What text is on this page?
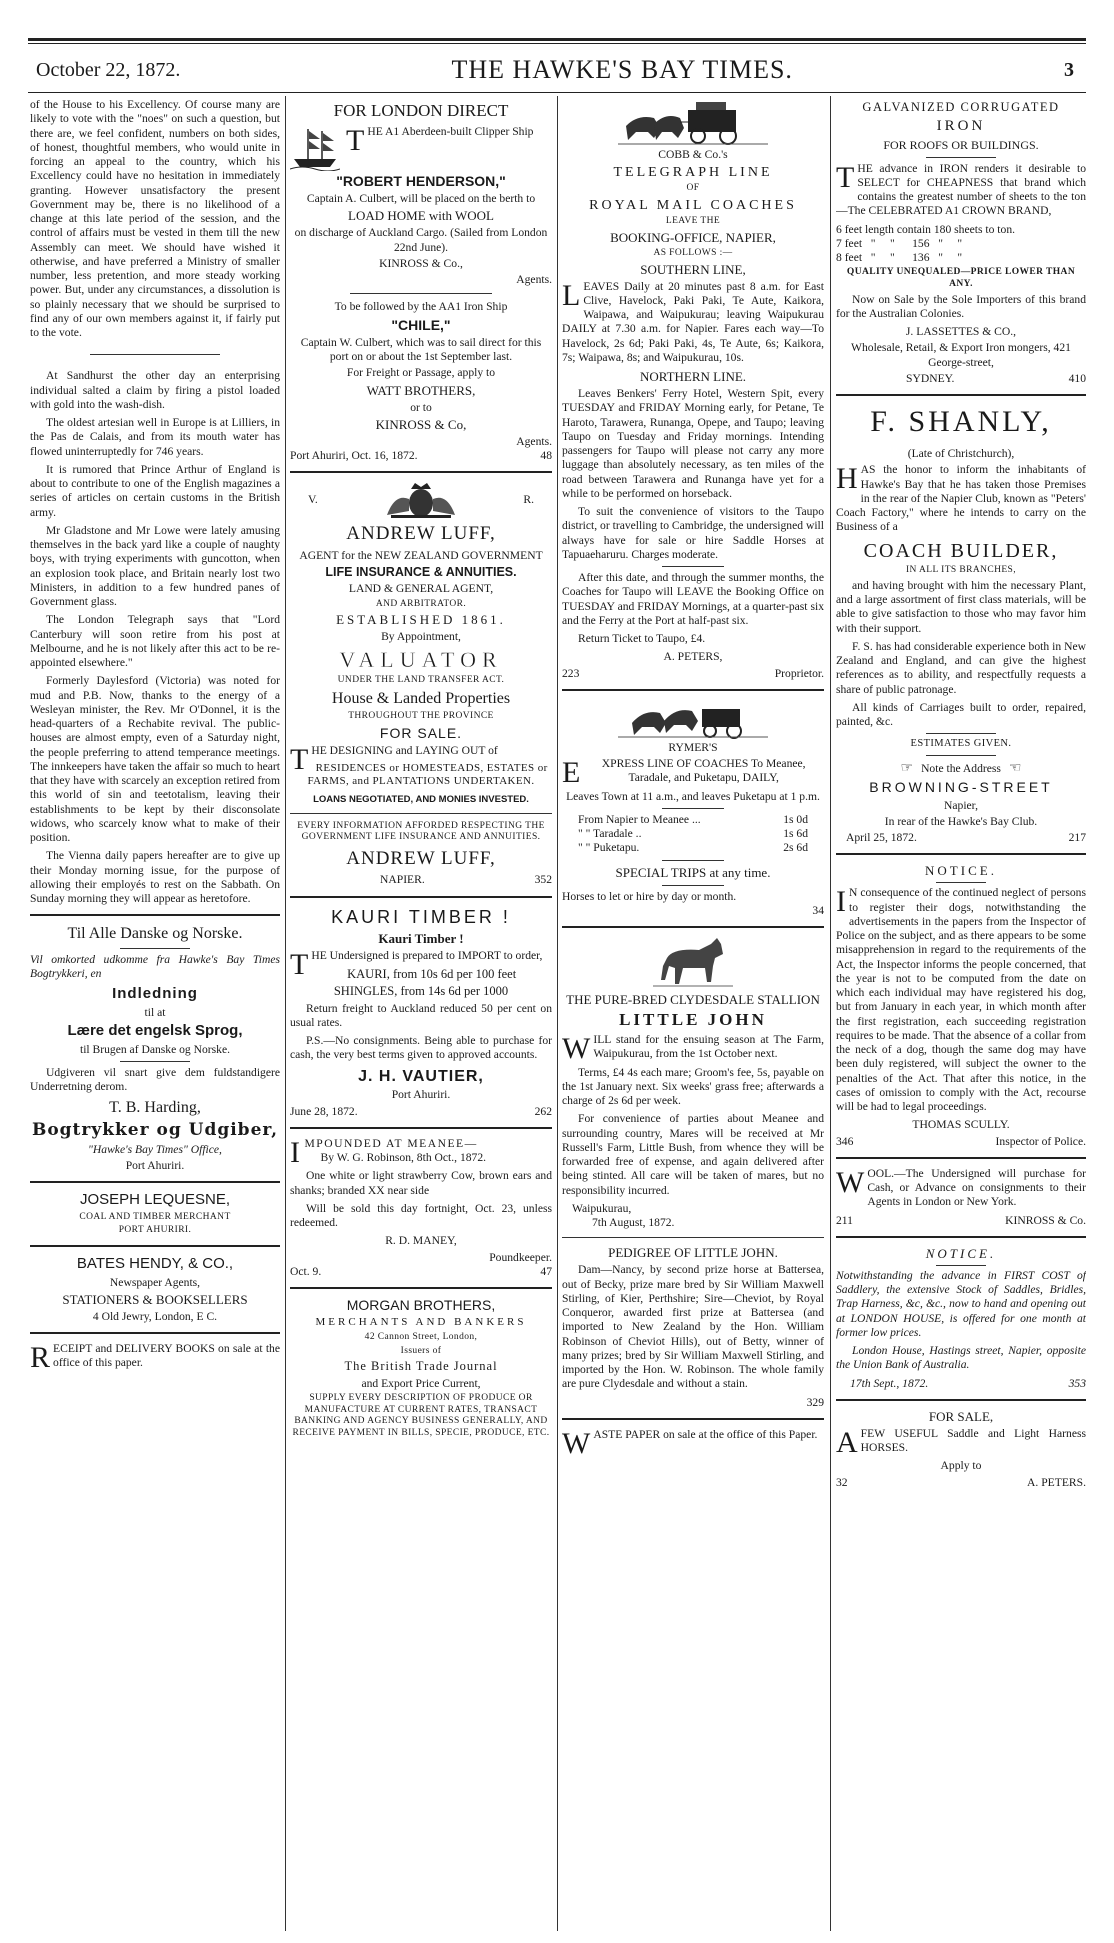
October 22, 1872.	THE HAWKE'S BAY TIMES.	3

of the House to his Excellency. Of course many are likely to vote with the "noes" on such a question, but there are, we feel confident, numbers on both sides, of honest, thoughtful members, who would unite in forcing an appeal to the country, which his Excellency could have no hesitation in immediately granting. However unsatisfactory the present Government may be, there is no likelihood of a change at this late period of the session, and the control of affairs must be vested in them till the new Assembly can meet. We should have wished it otherwise, and have preferred a Ministry of smaller number, less pretention, and more steady working power. But, under any circumstances, a dissolution is so plainly necessary that we should be surprised to find any of our own members against it, if fairly put to the vote.

At Sandhurst the other day an enterprising individual salted a claim by firing a pistol loaded with gold into the wash-dish.

The oldest artesian well in Europe is at Lilliers, in the Pas de Calais, and from its mouth water has flowed uninterruptedly for 746 years.

It is rumored that Prince Arthur of England is about to contribute to one of the English magazines a series of articles on certain customs in the British army.

Mr Gladstone and Mr Lowe were lately amusing themselves in the back yard like a couple of naughty boys, with trying experiments with guncotton, when an explosion took place, and Britain nearly lost two Ministers, in addition to a few hundred panes of Government glass.

The London Telegraph says that "Lord Canterbury will soon retire from his post at Melbourne, and he is not likely after this act to be re-appointed elsewhere."

Formerly Daylesford (Victoria) was noted for mud and P.B. Now, thanks to the energy of a Wesleyan minister, the Rev. Mr O'Donnel, it is the head-quarters of a Rechabite revival. The public-houses are almost empty, even of a Saturday night, the people preferring to attend temperance meetings. The innkeepers have taken the affair so much to heart that they have with scarcely an exception retired from this world of sin and teetotalism, leaving their establishments to be kept by their disconsolate widows, who scarcely know what to make of their position.

The Vienna daily papers hereafter are to give up their Monday morning issue, for the purpose of allowing their employés to rest on the Sabbath. On Sunday morning they will appear as heretofore.

Til Alle Danske og Norske.

Vil omkorted udkomme fra Hawke's Bay Times Bogtrykkeri, en

Indledning
til at
Lære det engelsk Sprog,
til Brugen af Danske og Norske.

Udgiveren vil snart give dem fuldstandigere Underretning derom.

T. B. Harding,
Bogtrykker og Udgiber,
"Hawke's Bay Times" Office,
Port Ahuriri.
JOSEPH LEQUESNE,
COAL AND TIMBER MERCHANT
PORT AHURIRI.
BATES HENDY, & CO.,
Newspaper Agents,
STATIONERS & BOOKSELLERS
4 Old Jewry, London, E C.

RECEIPT and DELIVERY BOOKS on sale at the office of this paper.

FOR LONDON DIRECT

THE A1 Aberdeen-built Clipper Ship

"ROBERT HENDERSON,"
Captain A. Culbert, will be placed on the berth to
LOAD HOME with WOOL
on discharge of Auckland Cargo. (Sailed from London 22nd June).
KINROSS & Co.,
Agents.
To be followed by the AA1 Iron Ship
"CHILE,"
Captain W. Culbert, which was to sail direct for this port on or about the 1st September last.
For Freight or Passage, apply to
WATT BROTHERS,
or to
KINROSS & Co,
Agents.
Port Ahuriri, Oct. 16, 1872.	48
V.	R.
ANDREW LUFF,
AGENT for the NEW ZEALAND GOVERNMENT
LIFE INSURANCE & ANNUITIES.
LAND & GENERAL AGENT,
AND ARBITRATOR.
ESTABLISHED 1861.
By Appointment,
VALUATOR
UNDER THE LAND TRANSFER ACT.
House & Landed Properties
THROUGHOUT THE PROVINCE
FOR SALE.

THE DESIGNING and LAYING OUT of

RESIDENCES or HOMESTEADS, ESTATES or FARMS, and PLANTATIONS UNDERTAKEN.
LOANS NEGOTIATED, AND MONIES INVESTED.
EVERY INFORMATION AFFORDED RESPECTING THE GOVERNMENT LIFE INSURANCE AND ANNUITIES.
ANDREW LUFF,
NAPIER.	352
KAURI TIMBER !
Kauri Timber !

THE Undersigned is prepared to IMPORT to order,

KAURI, from 10s 6d per 100 feet
SHINGLES, from 14s 6d per 1000

Return freight to Auckland reduced 50 per cent on usual rates.

P.S.—No consignments. Being able to purchase for cash, the very best terms given to approved accounts.

J. H. VAUTIER,
Port Ahuriri.
June 28, 1872.	262
IMPOUNDED AT MEANEE—

By W. G. Robinson, 8th Oct., 1872.

One white or light strawberry Cow, brown ears and shanks; branded XX near side

Will be sold this day fortnight, Oct. 23, unless redeemed.

R. D. MANEY,
Poundkeeper.
Oct. 9.	47
MORGAN BROTHERS,
MERCHANTS AND BANKERS
42 Cannon Street, London,
Issuers of
The British Trade Journal
and Export Price Current,
SUPPLY EVERY DESCRIPTION OF PRODUCE OR MANUFACTURE AT CURRENT RATES, TRANSACT BANKING AND AGENCY BUSINESS GENERALLY, AND RECEIVE PAYMENT IN BILLS, SPECIE, PRODUCE, ETC.
COBB & Co.'s
TELEGRAPH LINE
OF
ROYAL MAIL COACHES
LEAVE THE
BOOKING-OFFICE, NAPIER,
AS FOLLOWS :—
SOUTHERN LINE,

LEAVES Daily at 20 minutes past 8 a.m. for East Clive, Havelock, Paki Paki, Te Aute, Kaikora, Waipawa, and Waipukurau; leaving Waipukurau DAILY at 7.30 a.m. for Napier. Fares each way—To Havelock, 2s 6d; Paki Paki, 4s, Te Aute, 6s; Kaikora, 7s; Waipawa, 8s; and Waipukurau, 10s.

NORTHERN LINE.

Leaves Benkers' Ferry Hotel, Western Spit, every TUESDAY and FRIDAY Morning early, for Petane, Te Haroto, Tarawera, Runanga, Opepe, and Taupo; leaving Taupo on Tuesday and Friday mornings. Intending passengers for Taupo will please not carry any more luggage than absolutely necessary, as ten miles of the road between Tarawera and Runanga have yet for a while to be performed on horseback.

To suit the convenience of visitors to the Taupo district, or travelling to Cambridge, the undersigned will always have for sale or hire Saddle Horses at Tapuaeharuru. Charges moderate.

After this date, and through the summer months, the Coaches for Taupo will LEAVE the Booking Office on TUESDAY and FRIDAY Mornings, at a quarter-past six and the Ferry at the Port at half-past six.

Return Ticket to Taupo, £4.

A. PETERS,
223	Proprietor.
RYMER'S

EXPRESS LINE OF COACHES To Meanee, Taradale, and Puketapu, DAILY,

Leaves Town at 11 a.m., and leaves Puketapu at 1 p.m.
From Napier to Meanee ...	1s 0d
" " Taradale ..	1s 6d
" " Puketapu.	2s 6d
SPECIAL TRIPS at any time.
Horses to let or hire by day or month.
34
THE PURE-BRED CLYDESDALE STALLION
LITTLE JOHN

WILL stand for the ensuing season at The Farm, Waipukurau, from the 1st October next.

Terms, £4 4s each mare; Groom's fee, 5s, payable on the 1st January next. Six weeks' grass free; afterwards a charge of 2s 6d per week.

For convenience of parties about Meanee and surrounding country, Mares will be received at Mr Russell's Farm, Little Bush, from whence they will be forwarded free of expense, and again delivered after being stinted. All care will be taken of mares, but no responsibility incurred.

Waipukurau,
7th August, 1872.
PEDIGREE OF LITTLE JOHN.

Dam—Nancy, by second prize horse at Battersea, out of Becky, prize mare bred by Sir William Maxwell Stirling, of Kier, Perthshire; Sire—Cheviot, by Royal Conqueror, awarded first prize at Battersea (and imported to New Zealand by the Hon. William Robinson of Cheviot Hills), out of Betty, winner of many prizes; bred by Sir William Maxwell Stirling, and imported by the Hon. W. Robinson. The whole family are pure Clydesdale and without a stain.

329

WASTE PAPER on sale at the office of this Paper.

GALVANIZED CORRUGATED
IRON
FOR ROOFS OR BUILDINGS.

THE advance in IRON renders it desirable to SELECT for CHEAPNESS that brand which contains the greatest number of sheets to the ton—The CELEBRATED A1 CROWN BRAND,

6 feet length contain 180 sheets to ton.
7 feet   "     "      156   "     "
8 feet   "     "      136   "     "
QUALITY UNEQUALED—PRICE LOWER THAN ANY.

Now on Sale by the Sole Importers of this brand for the Australian Colonies.

J. LASSETTES & CO.,
Wholesale, Retail, & Export Iron mongers, 421 George-street,
SYDNEY.	410
F. SHANLY,
(Late of Christchurch),

HAS the honor to inform the inhabitants of Hawke's Bay that he has taken those Premises in the rear of the Napier Club, known as "Peters' Coach Factory," where he intends to carry on the Business of a

COACH BUILDER,
IN ALL ITS BRANCHES,

and having brought with him the necessary Plant, and a large assortment of first class materials, will be able to give satisfaction to those who may favor him with their support.

F. S. has had considerable experience both in New Zealand and England, and can give the highest references as to ability, and respectfully requests a share of public patronage.

All kinds of Carriages built to order, repaired, painted, &c.

ESTIMATES GIVEN.
☞ Note the Address ☜
BROWNING-STREET
Napier,
In rear of the Hawke's Bay Club.
April 25, 1872.	217
NOTICE.

IN consequence of the continued neglect of persons to register their dogs, notwithstanding the advertisements in the papers from the Inspector of Police on the subject, and as there appears to be some misapprehension in regard to the requirements of the Act, the Inspector informs the people concerned, that the year is not to be computed from the date on which each individual may have registered his dog, but from January in each year, in which month after the first registration, each succeeding registration requires to be made. That the absence of a collar from the neck of a dog, though the same dog may have been duly registered, will subject the owner to the penalties of the Act. That after this notice, in the cases of omission to comply with the Act, recourse will be had to legal proceedings.

THOMAS SCULLY.
346	Inspector of Police.

WOOL.—The Undersigned will purchase for Cash, or Advance on consignments to their Agents in London or New York.

211	KINROSS & Co.
NOTICE.

Notwithstanding the advance in FIRST COST of Saddlery, the extensive Stock of Saddles, Bridles, Trap Harness, &c, &c., now to hand and opening out at LONDON HOUSE, is offered for one month at former low prices.

London House, Hastings street, Napier, opposite the Union Bank of Australia.

17th Sept., 1872.	353
FOR SALE,

AFEW USEFUL Saddle and Light Harness HORSES.

Apply to
32	A. PETERS.
